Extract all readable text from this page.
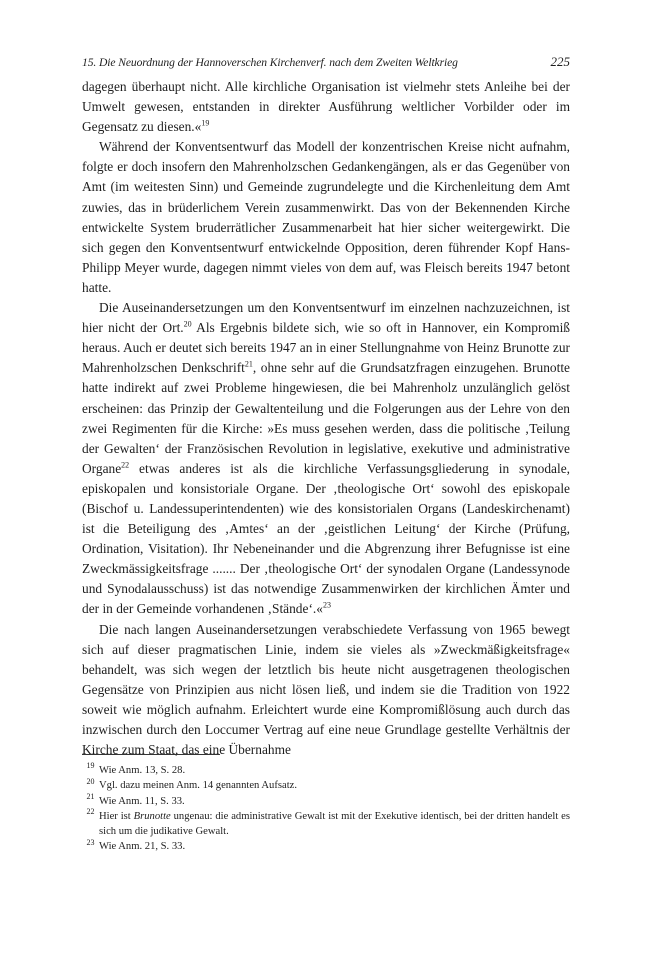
15. Die Neuordnung der Hannoverschen Kirchenverf. nach dem Zweiten Weltkrieg	225

dagegen überhaupt nicht. Alle kirchliche Organisation ist vielmehr stets Anleihe bei der Umwelt gewesen, entstanden in direkter Ausführung weltlicher Vorbilder oder im Gegensatz zu diesen.«$^{19}$

Während der Konventsentwurf das Modell der konzentrischen Kreise nicht aufnahm, folgte er doch insofern den Mahrenholzschen Gedankengängen, als er das Gegenüber von Amt (im weitesten Sinn) und Gemeinde zugrundelegte und die Kirchenleitung dem Amt zuwies, das in brüderlichem Verein zusammenwirkt. Das von der Bekennenden Kirche entwickelte System bruderrätlicher Zusammenarbeit hat hier sicher weitergewirkt. Die sich gegen den Konventsentwurf entwickelnde Opposition, deren führender Kopf Hans-Philipp Meyer wurde, dagegen nimmt vieles von dem auf, was Fleisch bereits 1947 betont hatte.

Die Auseinandersetzungen um den Konventsentwurf im einzelnen nachzuzeichnen, ist hier nicht der Ort.$^{20}$ Als Ergebnis bildete sich, wie so oft in Hannover, ein Kompromiß heraus. Auch er deutet sich bereits 1947 an in einer Stellungnahme von Heinz Brunotte zur Mahrenholzschen Denkschrift$^{21}$, ohne sehr auf die Grundsatzfragen einzugehen. Brunotte hatte indirekt auf zwei Probleme hingewiesen, die bei Mahrenholz unzulänglich gelöst erscheinen: das Prinzip der Gewaltenteilung und die Folgerungen aus der Lehre von den zwei Regimenten für die Kirche: »Es muss gesehen werden, dass die politische ‚Teilung der Gewalten‘ der Französischen Revolution in legislative, exekutive und administrative Organe$^{22}$ etwas anderes ist als die kirchliche Verfassungsgliederung in synodale, episkopalen und konsistoriale Organe. Der ‚theologische Ort‘ sowohl des episkopale (Bischof u. Landessuperintendenten) wie des konsistorialen Organs (Landeskirchenamt) ist die Beteiligung des ‚Amtes‘ an der ‚geistlichen Leitung‘ der Kirche (Prüfung, Ordination, Visitation). Ihr Nebeneinander und die Abgrenzung ihrer Befugnisse ist eine Zweckmässigkeitsfrage ....... Der ‚theologische Ort‘ der synodalen Organe (Landessynode und Synodalausschuss) ist das notwendige Zusammenwirken der kirchlichen Ämter und der in der Gemeinde vorhandenen ‚Stände‘.«$^{23}$

Die nach langen Auseinandersetzungen verabschiedete Verfassung von 1965 bewegt sich auf dieser pragmatischen Linie, indem sie vieles als »Zweckmäßigkeitsfrage« behandelt, was sich wegen der letztlich bis heute nicht ausgetragenen theologischen Gegensätze von Prinzipien aus nicht lösen ließ, und indem sie die Tradition von 1922 soweit wie möglich aufnahm. Erleichtert wurde eine Kompromißlösung auch durch das inzwischen durch den Loccumer Vertrag auf eine neue Grundlage gestellte Verhältnis der Kirche zum Staat, das eine Übernahme

19 Wie Anm. 13, S. 28.
20 Vgl. dazu meinen Anm. 14 genannten Aufsatz.
21 Wie Anm. 11, S. 33.
22 Hier ist Brunotte ungenau: die administrative Gewalt ist mit der Exekutive identisch, bei der dritten handelt es sich um die judikative Gewalt.
23 Wie Anm. 21, S. 33.
